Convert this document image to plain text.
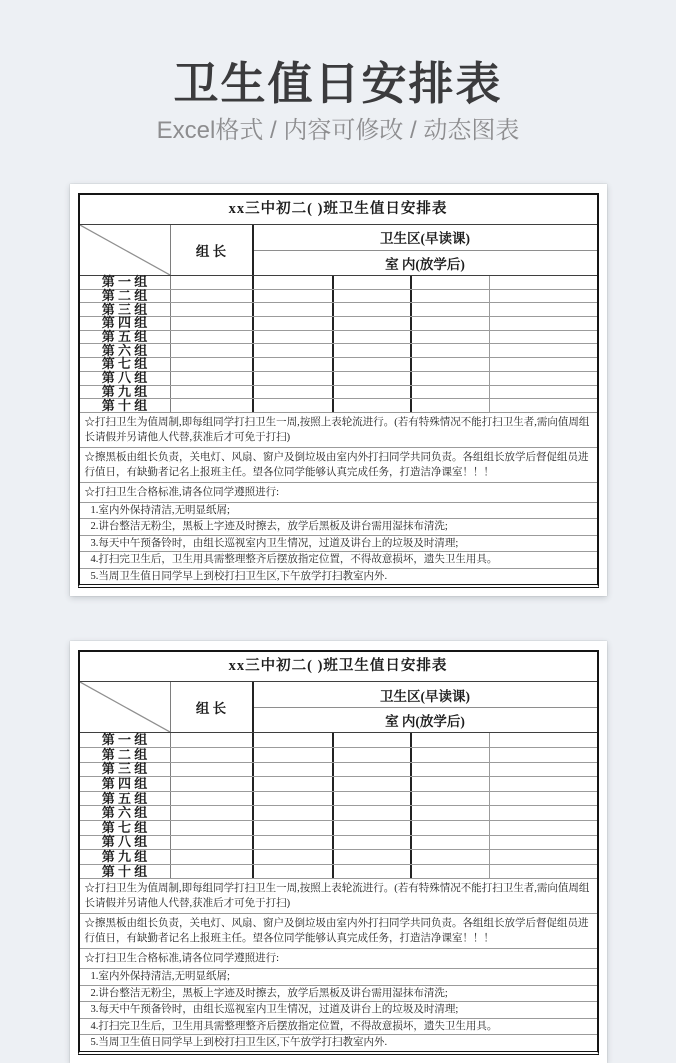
卫生值日安排表

Excel格式 / 内容可修改 / 动态图表

xx三中初二( )班卫生值日安排表
组 长
卫生区(早读课)
室 内(放学后)
第 一 组
第 二 组
第 三 组
第 四 组
第 五 组
第 六 组
第 七 组
第 八 组
第 九 组
第 十 组
☆打扫卫生为值周制,即每组同学打扫卫生一周,按照上表轮流进行。(若有特殊情况不能打扫卫生者,需向值周组长请假并另请他人代替,获准后才可免于打扫)
☆擦黑板由组长负责，关电灯、风扇、窗户及倒垃圾由室内外打扫同学共同负责。各组组长放学后督促组员进行值日，有缺勤者记名上报班主任。望各位同学能够认真完成任务，打造洁净课室！！！
☆打扫卫生合格标准,请各位同学遵照进行:
1.室内外保持清洁,无明显纸屑;
2.讲台整洁无粉尘，黑板上字迹及时擦去，放学后黑板及讲台需用湿抹布清洗;
3.每天中午预备铃时，由组长巡视室内卫生情况，过道及讲台上的垃圾及时清理;
4.打扫完卫生后，卫生用具需整理整齐后摆放指定位置，不得故意损坏，遗失卫生用具。
5.当周卫生值日同学早上到校打扫卫生区,下午放学打扫教室内外.
xx三中初二( )班卫生值日安排表
组 长
卫生区(早读课)
室 内(放学后)
第 一 组
第 二 组
第 三 组
第 四 组
第 五 组
第 六 组
第 七 组
第 八 组
第 九 组
第 十 组
☆打扫卫生为值周制,即每组同学打扫卫生一周,按照上表轮流进行。(若有特殊情况不能打扫卫生者,需向值周组长请假并另请他人代替,获准后才可免于打扫)
☆擦黑板由组长负责，关电灯、风扇、窗户及倒垃圾由室内外打扫同学共同负责。各组组长放学后督促组员进行值日，有缺勤者记名上报班主任。望各位同学能够认真完成任务，打造洁净课室！！！
☆打扫卫生合格标准,请各位同学遵照进行:
1.室内外保持清洁,无明显纸屑;
2.讲台整洁无粉尘，黑板上字迹及时擦去，放学后黑板及讲台需用湿抹布清洗;
3.每天中午预备铃时，由组长巡视室内卫生情况，过道及讲台上的垃圾及时清理;
4.打扫完卫生后，卫生用具需整理整齐后摆放指定位置，不得故意损坏，遗失卫生用具。
5.当周卫生值日同学早上到校打扫卫生区,下午放学打扫教室内外.
